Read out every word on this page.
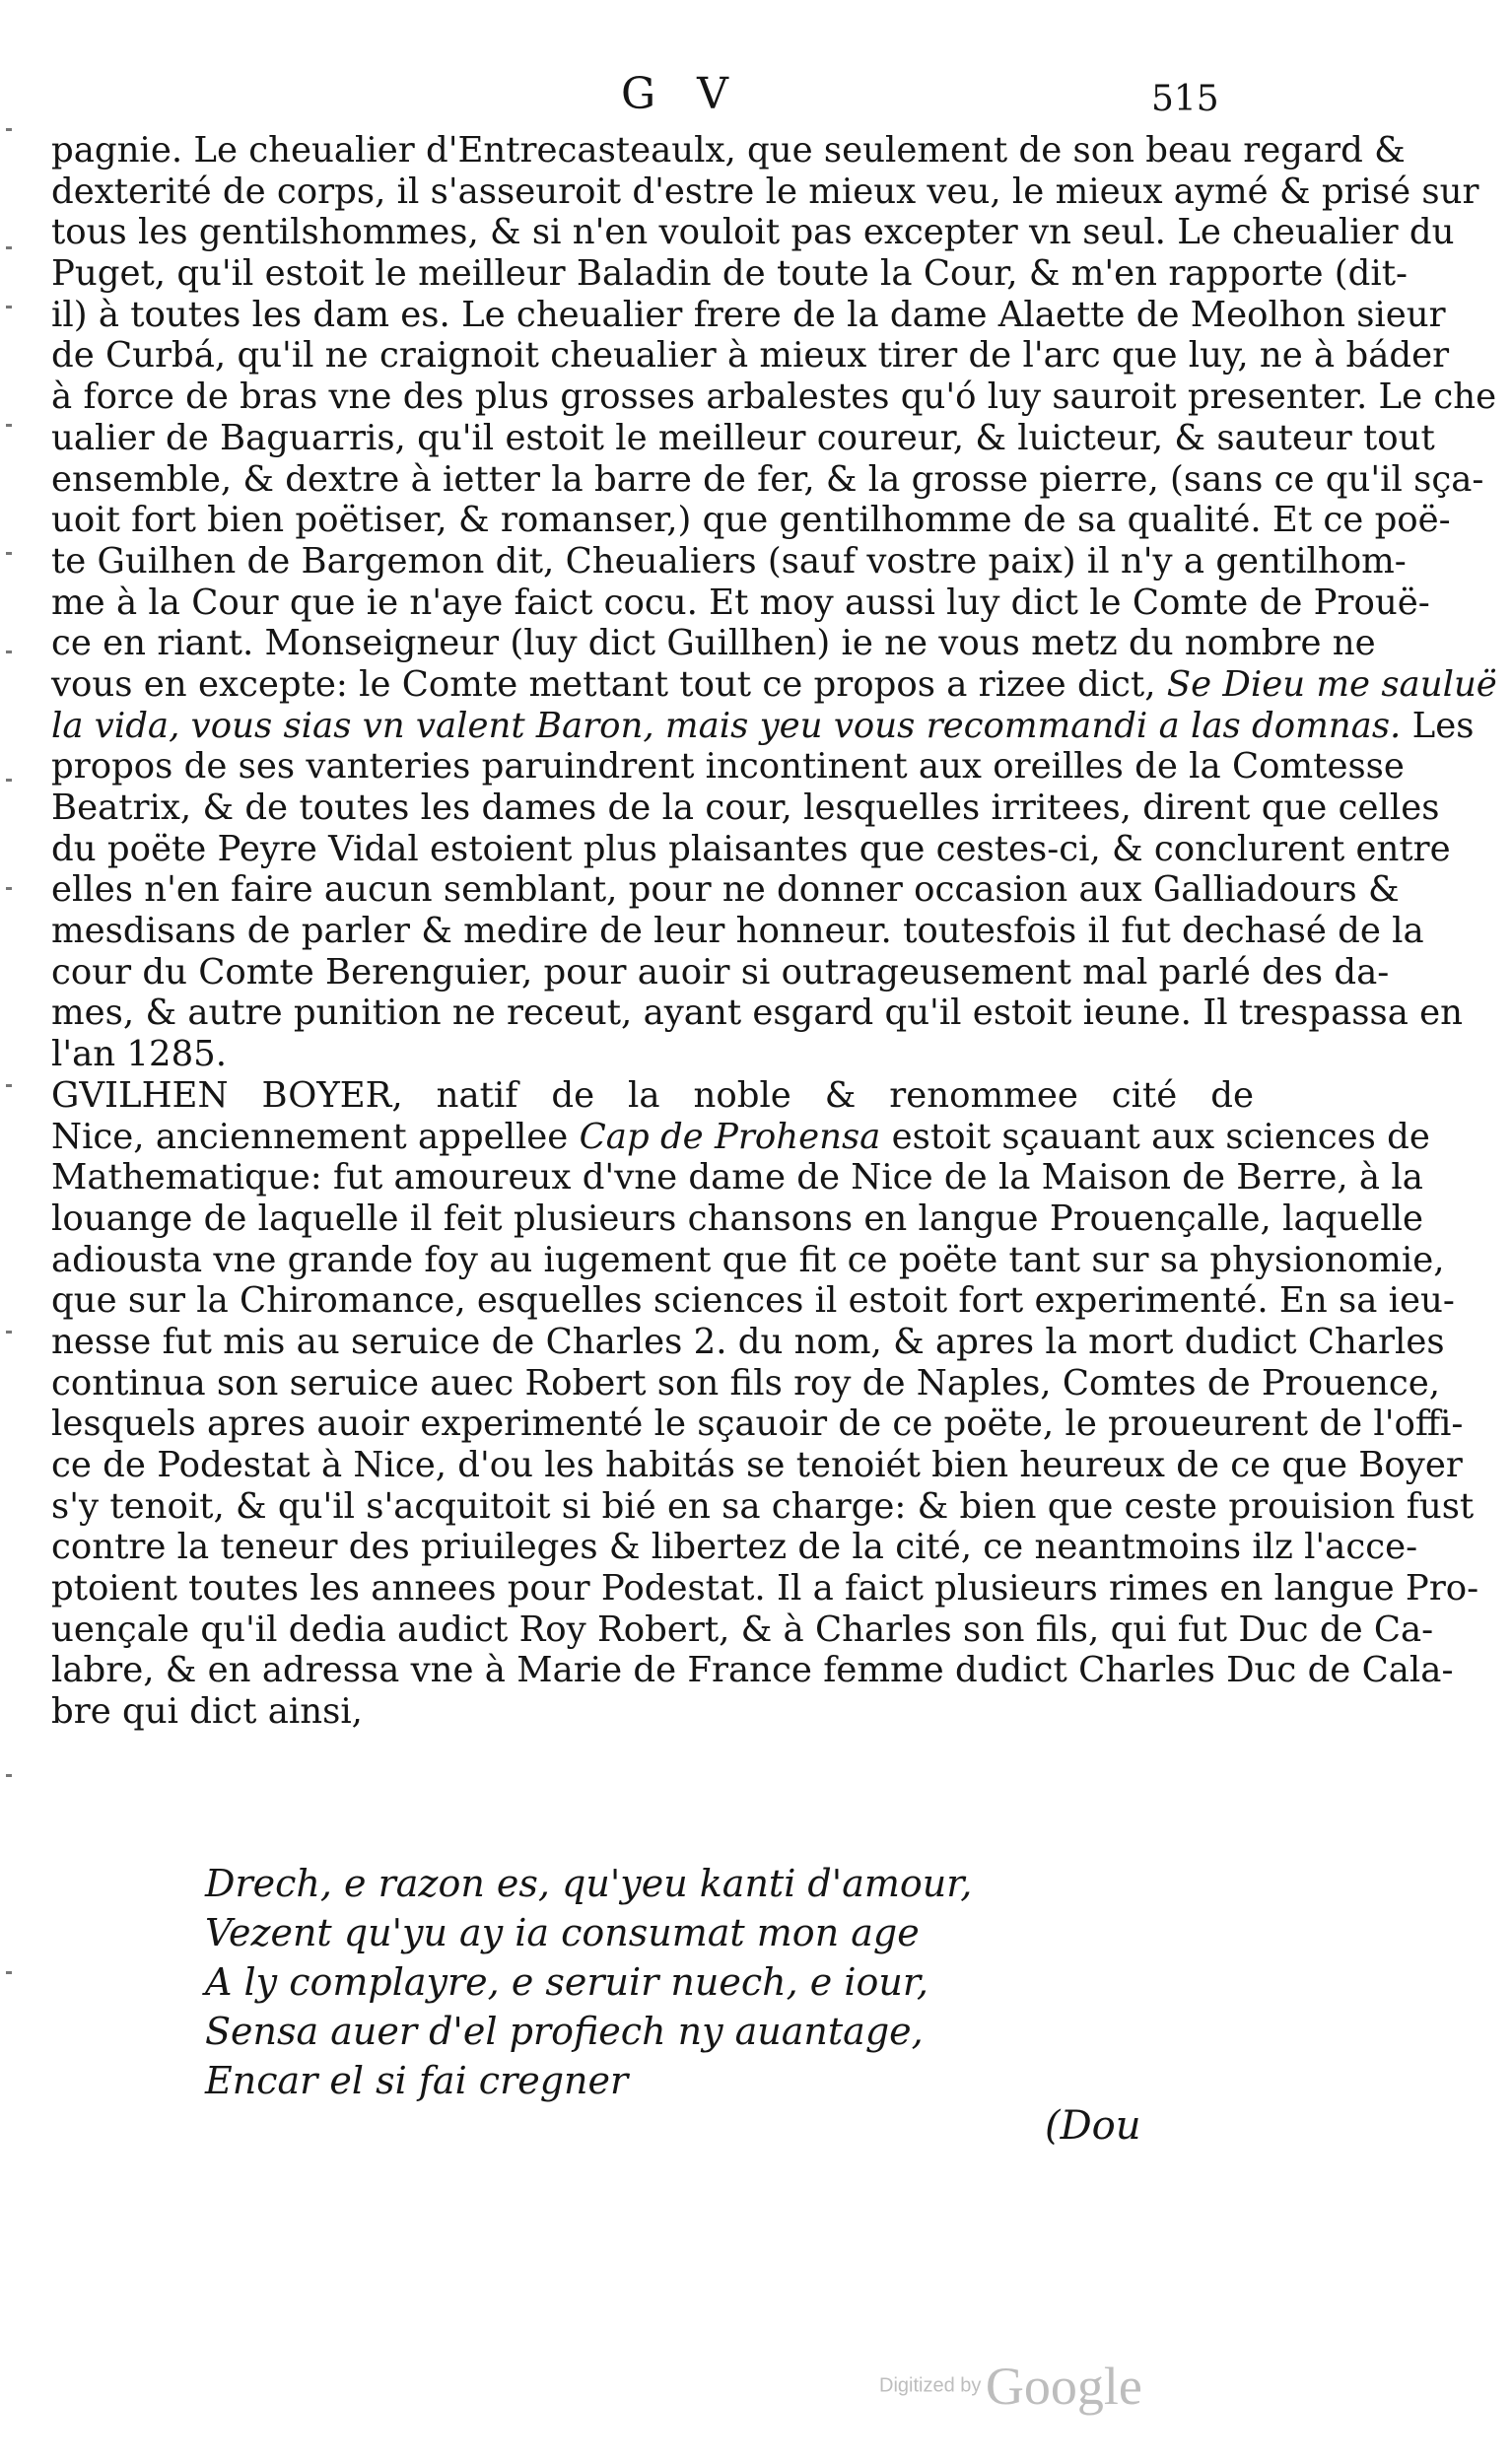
G V	515
pagnie. Le cheualier d'Entrecasteaulx, que seulement de son beau regard &
dexterité de corps, il s'asseuroit d'estre le mieux veu, le mieux aymé & prisé sur
tous les gentilshommes, & si n'en vouloit pas excepter vn seul. Le cheualier du
Puget, qu'il estoit le meilleur Baladin de toute la Cour, & m'en rapporte (dit-
il) à toutes les dam es. Le cheualier frere de la dame Alaette de Meolhon sieur
de Curbá, qu'il ne craignoit cheualier à mieux tirer de l'arc que luy, ne à báder
à force de bras vne des plus grosses arbalestes qu'ó luy sauroit presenter. Le che
ualier de Baguarris, qu'il estoit le meilleur coureur, & luicteur, & sauteur tout
ensemble, & dextre à ietter la barre de fer, & la grosse pierre, (sans ce qu'il sça-
uoit fort bien poëtiser, & romanser,) que gentilhomme de sa qualité. Et ce poë-
te Guilhen de Bargemon dit, Cheualiers (sauf vostre paix) il n'y a gentilhom-
me à la Cour que ie n'aye faict cocu. Et moy aussi luy dict le Comte de Prouë-
ce en riant. Monseigneur (luy dict Guillhen) ie ne vous metz du nombre ne
vous en excepte: le Comte mettant tout ce propos a rizee dict, Se Dieu me sauluë
la vida, vous sias vn valent Baron, mais yeu vous recommandi a las domnas. Les
propos de ses vanteries paruindrent incontinent aux oreilles de la Comtesse
Beatrix, & de toutes les dames de la cour, lesquelles irritees, dirent que celles
du poëte Peyre Vidal estoient plus plaisantes que cestes-ci, & conclurent entre
elles n'en faire aucun semblant, pour ne donner occasion aux Galliadours &
mesdisans de parler & medire de leur honneur. toutesfois il fut dechasé de la
cour du Comte Berenguier, pour auoir si outrageusement mal parlé des da-
mes, & autre punition ne receut, ayant esgard qu'il estoit ieune. Il trespassa en
l'an 1285.
GVILHEN BOYER, natif de la noble & renommee cité de
Nice, anciennement appellee Cap de Prohensa estoit sçauant aux sciences de
Mathematique: fut amoureux d'vne dame de Nice de la Maison de Berre, à la
louange de laquelle il feit plusieurs chansons en langue Prouençalle, laquelle
adiousta vne grande foy au iugement que fit ce poëte tant sur sa physionomie,
que sur la Chiromance, esquelles sciences il estoit fort experimenté. En sa ieu-
nesse fut mis au seruice de Charles 2. du nom, & apres la mort dudict Charles
continua son seruice auec Robert son fils roy de Naples, Comtes de Prouence,
lesquels apres auoir experimenté le sçauoir de ce poëte, le proueurent de l'offi-
ce de Podestat à Nice, d'ou les habitás se tenoiét bien heureux de ce que Boyer
s'y tenoit, & qu'il s'acquitoit si bié en sa charge: & bien que ceste prouision fust
contre la teneur des priuileges & libertez de la cité, ce neantmoins ilz l'acce-
ptoient toutes les annees pour Podestat. Il a faict plusieurs rimes en langue Pro-
uençale qu'il dedia audict Roy Robert, & à Charles son fils, qui fut Duc de Ca-
labre, & en adressa vne à Marie de France femme dudict Charles Duc de Cala-
bre qui dict ainsi,
Drech, e razon es, qu'yeu kanti d'amour,
Vezent qu'yu ay ia consumat mon age
A ly complayre, e seruir nuech, e iour,
Sensa auer d'el profiech ny auantage,
Encar el si fai cregner
(Dou
Digitized by Google
